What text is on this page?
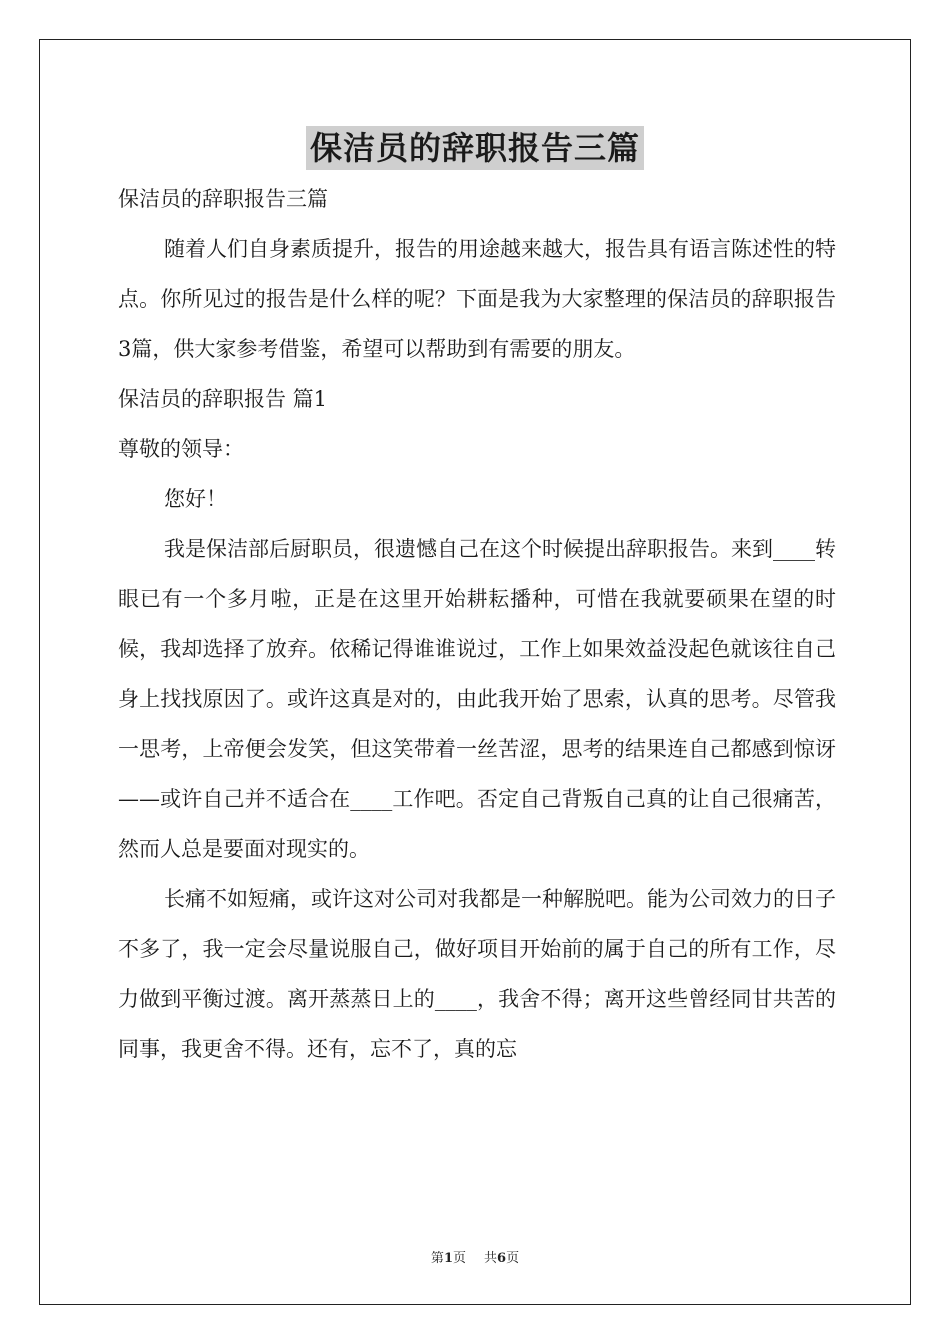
保洁员的辞职报告三篇

保洁员的辞职报告三篇

随着人们自身素质提升，报告的用途越来越大，报告具有语言陈述性的特点。你所见过的报告是什么样的呢？下面是我为大家整理的保洁员的辞职报告3篇，供大家参考借鉴，希望可以帮助到有需要的朋友。

保洁员的辞职报告 篇1

尊敬的领导：

您好！

我是保洁部后厨职员，很遗憾自己在这个时候提出辞职报告。来到____转眼已有一个多月啦，正是在这里开始耕耘播种，可惜在我就要硕果在望的时候，我却选择了放弃。依稀记得谁谁说过，工作上如果效益没起色就该往自己身上找找原因了。或许这真是对的，由此我开始了思索，认真的思考。尽管我一思考，上帝便会发笑，但这笑带着一丝苦涩，思考的结果连自己都感到惊讶——或许自己并不适合在____工作吧。否定自己背叛自己真的让自己很痛苦，然而人总是要面对现实的。

长痛不如短痛，或许这对公司对我都是一种解脱吧。能为公司效力的日子不多了，我一定会尽量说服自己，做好项目开始前的属于自己的所有工作，尽力做到平衡过渡。离开蒸蒸日上的____，我舍不得；离开这些曾经同甘共苦的同事，我更舍不得。还有，忘不了，真的忘

第1页 共6页
